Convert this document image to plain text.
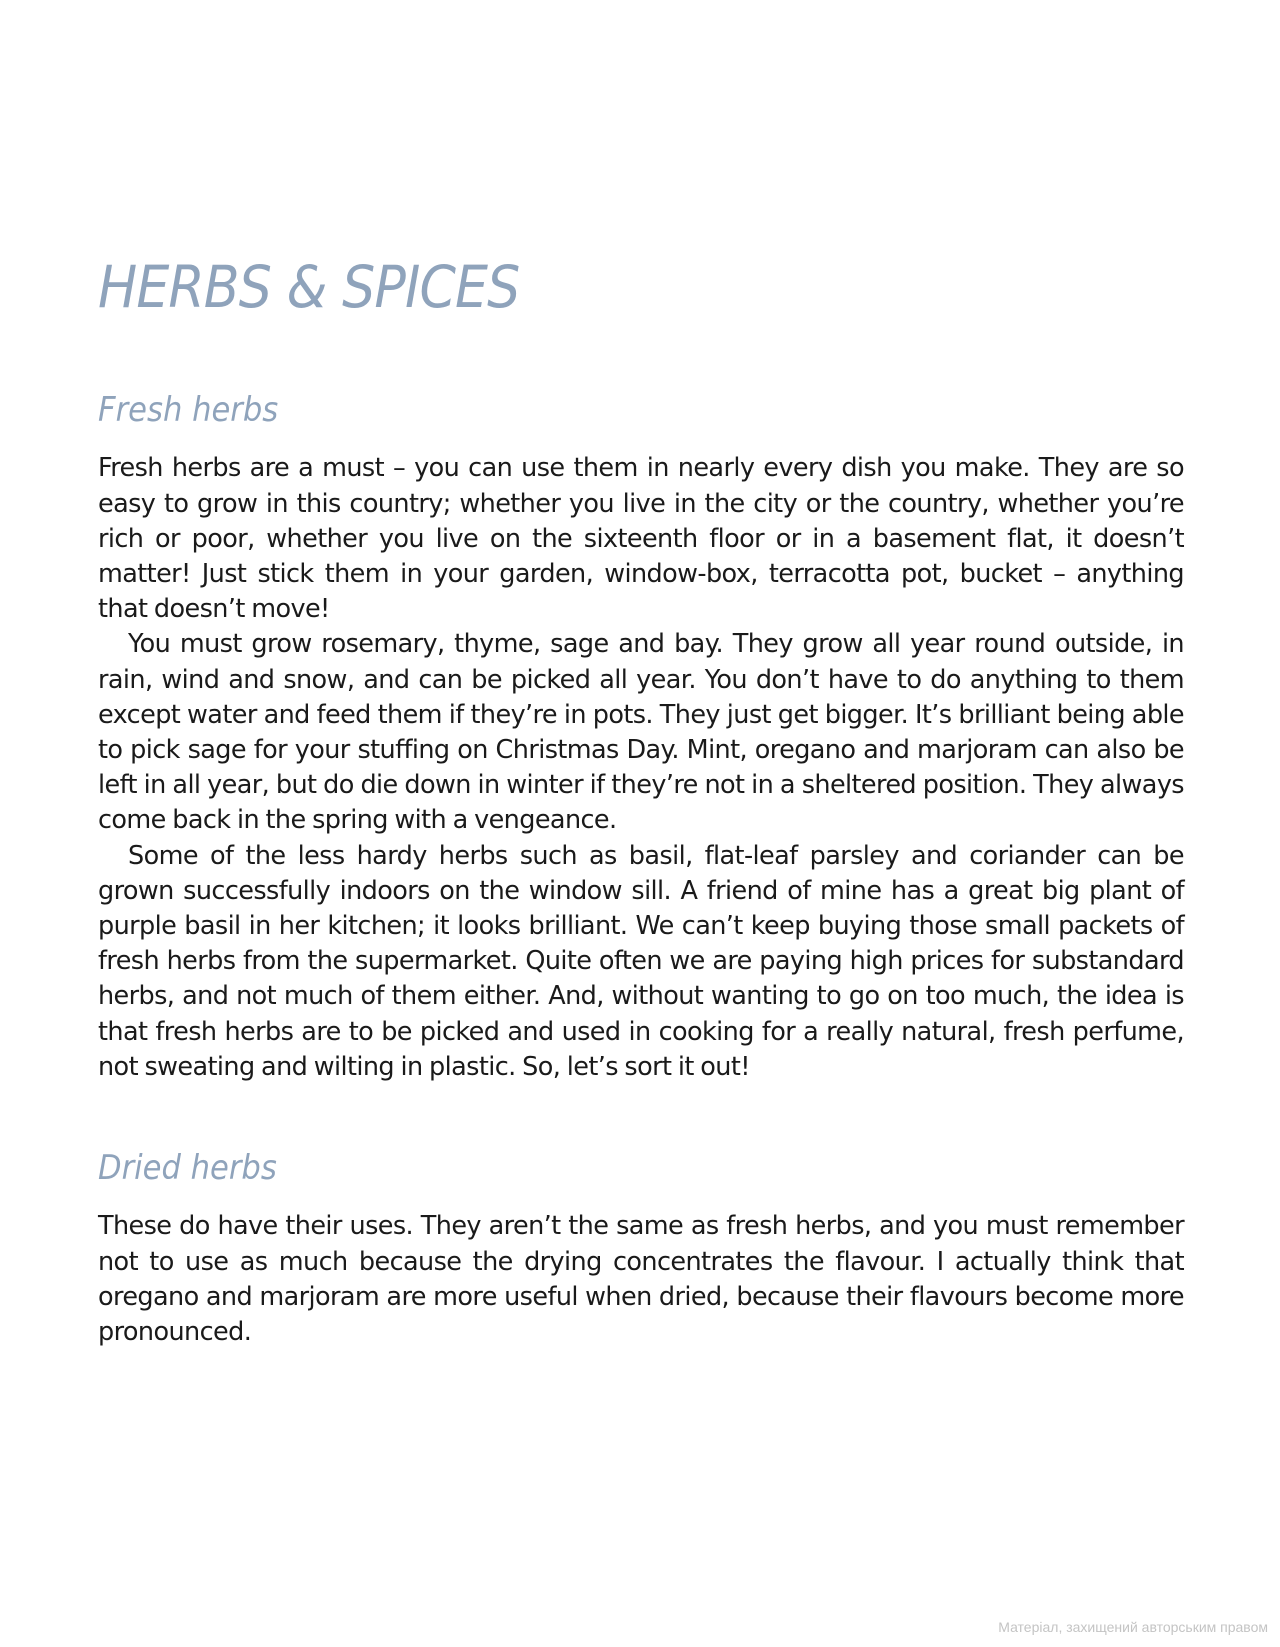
HERBS & SPICES
Fresh herbs

Fresh herbs are a must – you can use them in nearly every dish you make. They are so easy to grow in this country; whether you live in the city or the country, whether you’re rich or poor, whether you live on the sixteenth floor or in a basement flat, it doesn’t matter! Just stick them in your garden, window-box, terracotta pot, bucket – anything that doesn’t move!

You must grow rosemary, thyme, sage and bay. They grow all year round outside, in rain, wind and snow, and can be picked all year. You don’t have to do anything to them except water and feed them if they’re in pots. They just get bigger. It’s brilliant being able to pick sage for your stuffing on Christmas Day. Mint, oregano and marjoram can also be left in all year, but do die down in winter if they’re not in a sheltered position. They always come back in the spring with a vengeance.

Some of the less hardy herbs such as basil, flat-leaf parsley and coriander can be grown successfully indoors on the window sill. A friend of mine has a great big plant of purple basil in her kitchen; it looks brilliant. We can’t keep buying those small packets of fresh herbs from the supermarket. Quite often we are paying high prices for substandard herbs, and not much of them either. And, without wanting to go on too much, the idea is that fresh herbs are to be picked and used in cooking for a really natural, fresh perfume, not sweating and wilting in plastic. So, let’s sort it out!

Dried herbs

These do have their uses. They aren’t the same as fresh herbs, and you must remember not to use as much because the drying concentrates the flavour. I actually think that oregano and marjoram are more useful when dried, because their flavours become more pronounced.

Матеріал, захищений авторським правом
